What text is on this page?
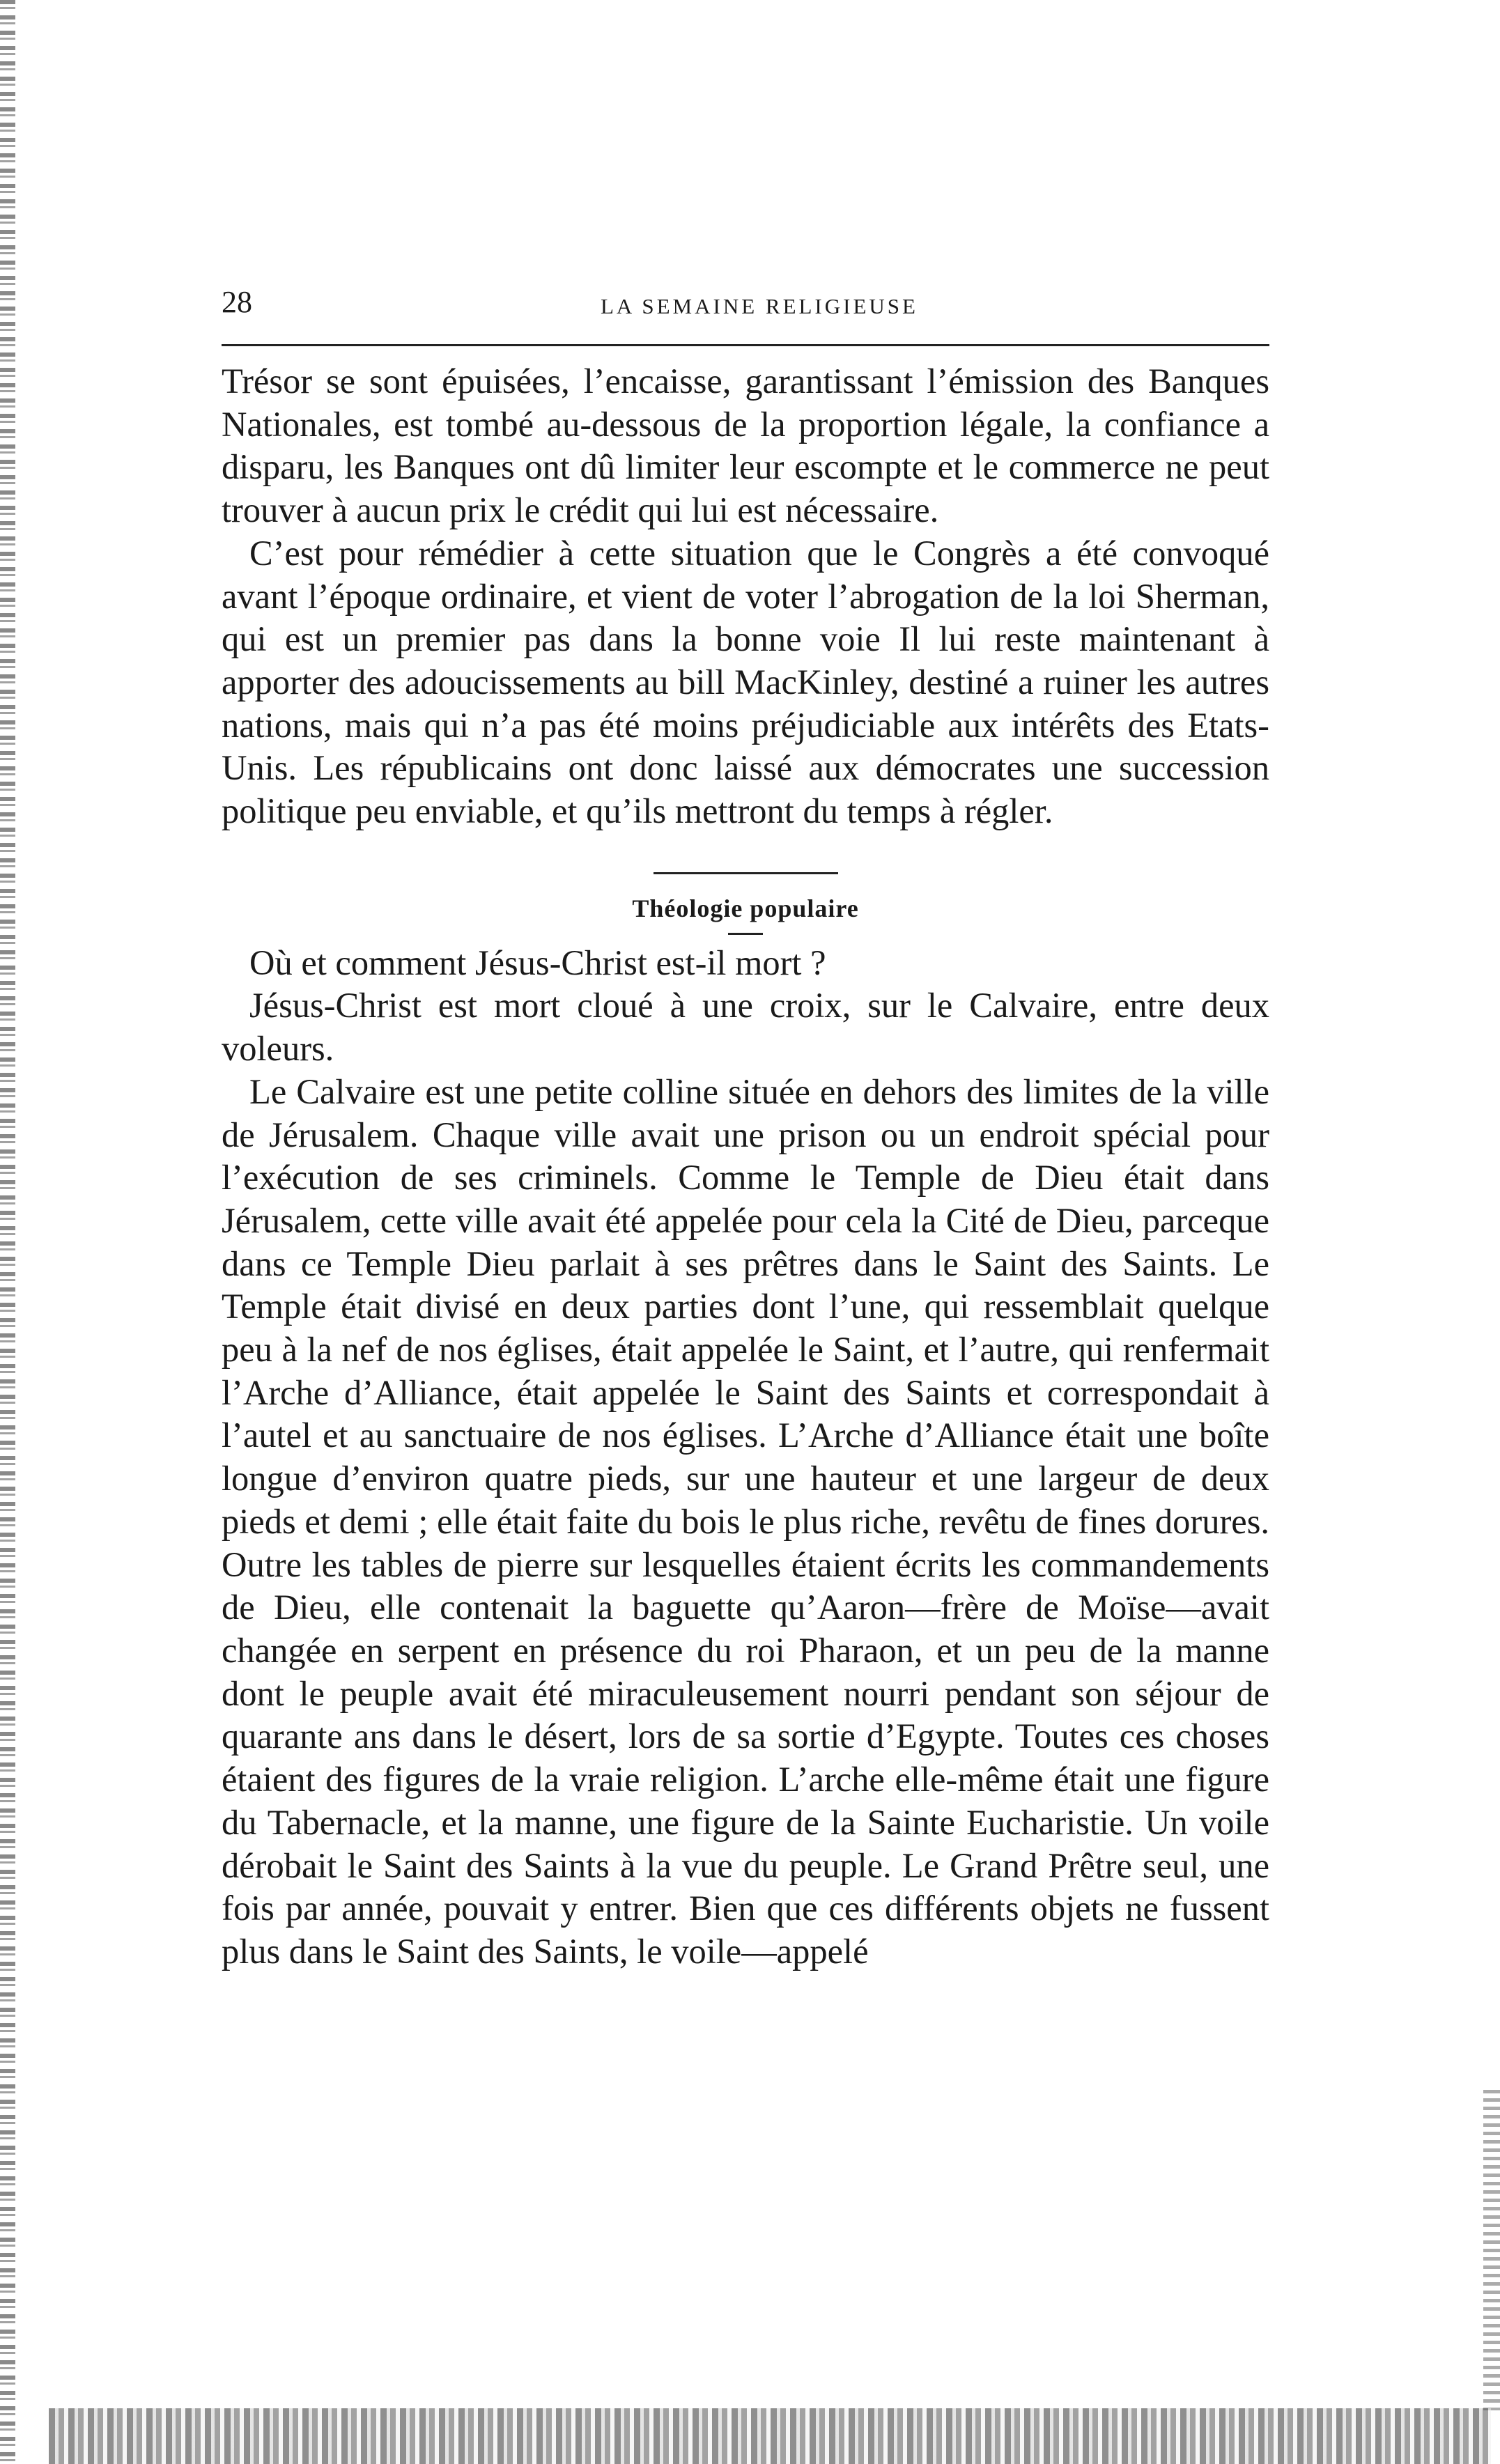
28	LA SEMAINE RELIGIEUSE

Trésor se sont épuisées, l’encaisse, garantissant l’émission des Banques Nationales, est tombé au-dessous de la proportion légale, la confiance a disparu, les Banques ont dû limiter leur escompte et le commerce ne peut trouver à aucun prix le crédit qui lui est nécessaire.

C’est pour rémédier à cette situation que le Congrès a été convoqué avant l’époque ordinaire, et vient de voter l’abrogation de la loi Sherman, qui est un premier pas dans la bonne voie Il lui reste maintenant à apporter des adoucissements au bill MacKinley, destiné a ruiner les autres nations, mais qui n’a pas été moins préjudiciable aux intérêts des Etats-Unis. Les républicains ont donc laissé aux démocrates une succession politique peu enviable, et qu’ils mettront du temps à régler.

Théologie populaire

Où et comment Jésus-Christ est-il mort ?

Jésus-Christ est mort cloué à une croix, sur le Calvaire, entre deux voleurs.

Le Calvaire est une petite colline située en dehors des limites de la ville de Jérusalem. Chaque ville avait une prison ou un endroit spécial pour l’exécution de ses criminels. Comme le Temple de Dieu était dans Jérusalem, cette ville avait été appelée pour cela la Cité de Dieu, parceque dans ce Temple Dieu parlait à ses prêtres dans le Saint des Saints. Le Temple était divisé en deux parties dont l’une, qui ressemblait quelque peu à la nef de nos églises, était appelée le Saint, et l’autre, qui renfermait l’Arche d’Alliance, était appelée le Saint des Saints et correspondait à l’autel et au sanctuaire de nos églises. L’Arche d’Alliance était une boîte longue d’environ quatre pieds, sur une hauteur et une largeur de deux pieds et demi ; elle était faite du bois le plus riche, revêtu de fines dorures. Outre les tables de pierre sur lesquelles étaient écrits les commandements de Dieu, elle contenait la baguette qu’Aaron—frère de Moïse—avait changée en serpent en présence du roi Pharaon, et un peu de la manne dont le peuple avait été miraculeusement nourri pendant son séjour de quarante ans dans le désert, lors de sa sortie d’Egypte. Toutes ces choses étaient des figures de la vraie religion. L’arche elle-même était une figure du Tabernacle, et la manne, une figure de la Sainte Eucharistie. Un voile dérobait le Saint des Saints à la vue du peuple. Le Grand Prêtre seul, une fois par année, pouvait y entrer. Bien que ces différents objets ne fussent plus dans le Saint des Saints, le voile—appelé
